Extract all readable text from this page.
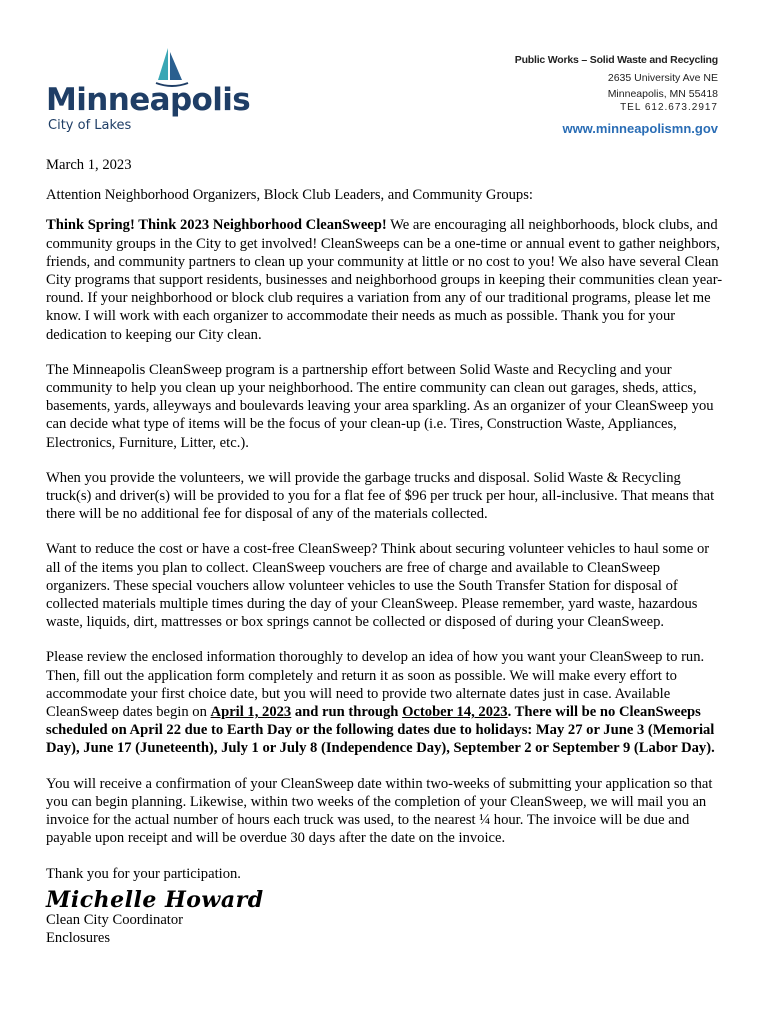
Minneapolis
City of Lakes
Public Works – Solid Waste and Recycling
2635 University Ave NE
Minneapolis, MN 55418
TEL 612.673.2917
www.minneapolismn.gov

March 1, 2023

Attention Neighborhood Organizers, Block Club Leaders, and Community Groups:

Think Spring! Think 2023 Neighborhood CleanSweep! We are encouraging all neighborhoods, block clubs, and community groups in the City to get involved! CleanSweeps can be a one-time or annual event to gather neighbors, friends, and community partners to clean up your community at little or no cost to you! We also have several Clean City programs that support residents, businesses and neighborhood groups in keeping their communities clean year-round. If your neighborhood or block club requires a variation from any of our traditional programs, please let me know. I will work with each organizer to accommodate their needs as much as possible. Thank you for your dedication to keeping our City clean.

The Minneapolis CleanSweep program is a partnership effort between Solid Waste and Recycling and your community to help you clean up your neighborhood. The entire community can clean out garages, sheds, attics, basements, yards, alleyways and boulevards leaving your area sparkling. As an organizer of your CleanSweep you can decide what type of items will be the focus of your clean-up (i.e. Tires, Construction Waste, Appliances, Electronics, Furniture, Litter, etc.).

When you provide the volunteers, we will provide the garbage trucks and disposal. Solid Waste & Recycling truck(s) and driver(s) will be provided to you for a flat fee of $96 per truck per hour, all-inclusive. That means that there will be no additional fee for disposal of any of the materials collected.

Want to reduce the cost or have a cost-free CleanSweep? Think about securing volunteer vehicles to haul some or all of the items you plan to collect. CleanSweep vouchers are free of charge and available to CleanSweep organizers. These special vouchers allow volunteer vehicles to use the South Transfer Station for disposal of collected materials multiple times during the day of your CleanSweep. Please remember, yard waste, hazardous waste, liquids, dirt, mattresses or box springs cannot be collected or disposed of during your CleanSweep.

Please review the enclosed information thoroughly to develop an idea of how you want your CleanSweep to run. Then, fill out the application form completely and return it as soon as possible. We will make every effort to accommodate your first choice date, but you will need to provide two alternate dates just in case. Available CleanSweep dates begin on April 1, 2023 and run through October 14, 2023. There will be no CleanSweeps scheduled on April 22 due to Earth Day or the following dates due to holidays: May 27 or June 3 (Memorial Day), June 17 (Juneteenth), July 1 or July 8 (Independence Day), September 2 or September 9 (Labor Day).

You will receive a confirmation of your CleanSweep date within two-weeks of submitting your application so that you can begin planning. Likewise, within two weeks of the completion of your CleanSweep, we will mail you an invoice for the actual number of hours each truck was used, to the nearest ¼ hour. The invoice will be due and payable upon receipt and will be overdue 30 days after the date on the invoice.

Thank you for your participation.

Michelle Howard
Clean City Coordinator
Enclosures
